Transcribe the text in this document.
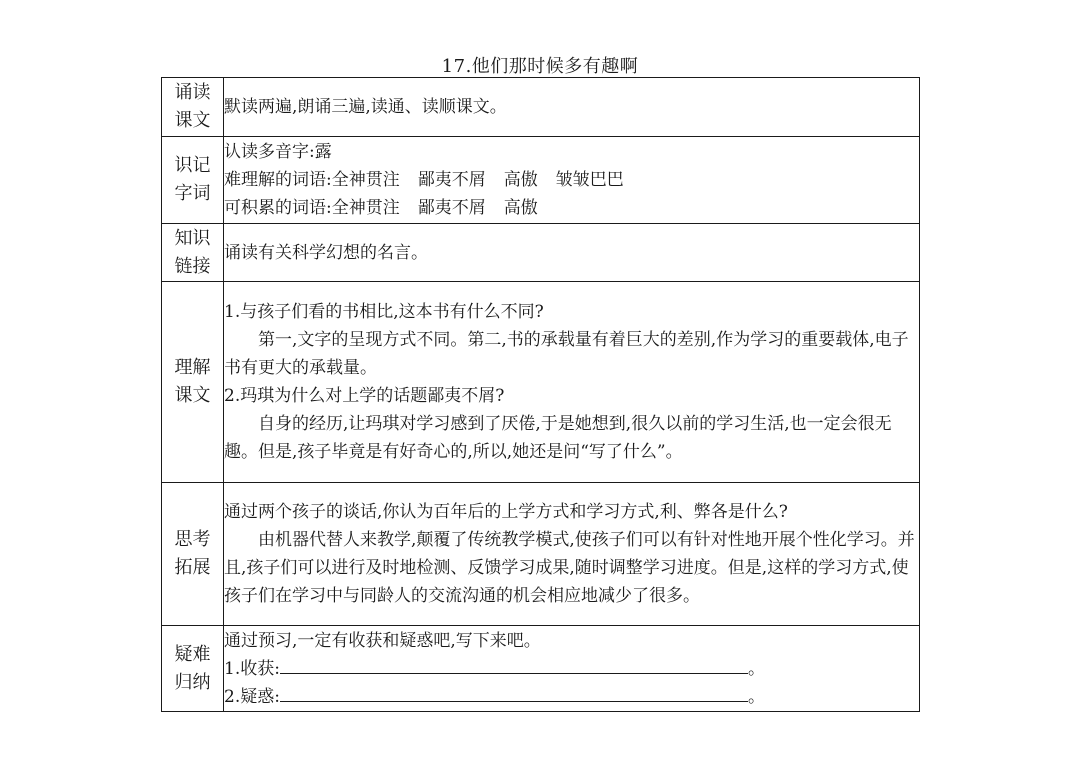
17.他们那时候多有趣啊
诵读
课文	默读两遍,朗诵三遍,读通、读顺课文。

识记
字词	认读多音字:露
难理解的词语:全神贯注 鄙夷不屑 高傲 皱皱巴巴
可积累的词语:全神贯注 鄙夷不屑 高傲

知识
链接	诵读有关科学幻想的名言。

理解
课文	1.与孩子们看的书相比,这本书有什么不同?
第一,文字的呈现方式不同。第二,书的承载量有着巨大的差别,作为学习的重要载体,电子书有更大的承载量。
2.玛琪为什么对上学的话题鄙夷不屑?
自身的经历,让玛琪对学习感到了厌倦,于是她想到,很久以前的学习生活,也一定会很无趣。但是,孩子毕竟是有好奇心的,所以,她还是问“写了什么”。

思考
拓展	通过两个孩子的谈话,你认为百年后的上学方式和学习方式,利、弊各是什么?
由机器代替人来教学,颠覆了传统教学模式,使孩子们可以有针对性地开展个性化学习。并且,孩子们可以进行及时地检测、反馈学习成果,随时调整学习进度。但是,这样的学习方式,使孩子们在学习中与同龄人的交流沟通的机会相应地减少了很多。

疑难
归纳	通过预习,一定有收获和疑惑吧,写下来吧。
1.收获: 。
2.疑惑: 。
